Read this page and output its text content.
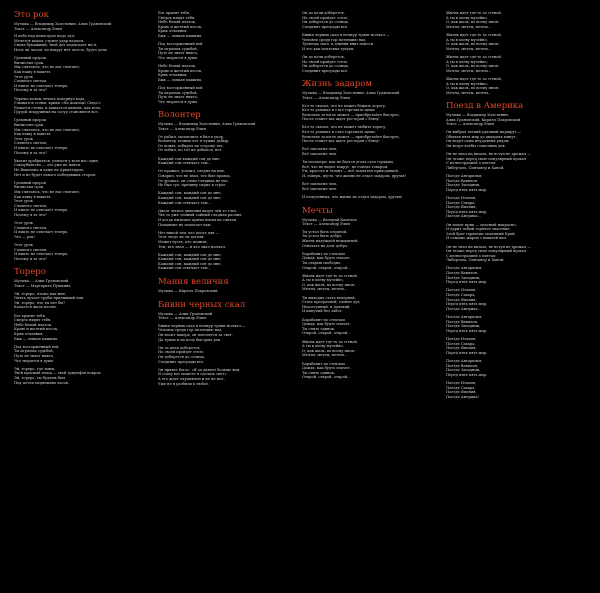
Это рок
Музыка — Владимир Холстинин, Алик Грановский
Текст — Александр Елин
И небо над нами прое надо луч,
Мечется кадил, стрите удар надлом,
Снова бумажный, твой дел подыскает ни я,
Ночь ли часом, по вокруг нет чатсть, будто день.
Громный пророк
Вычислил срок.
Мы считаюсь, что не нас считают,
Как нашу я вашеть
Этот урок
Словного светом,
И никто не отвечает теперь,
Почему я за что?
Черные волны лечить повернул вода,
Слышатся стоны, крики «На помощь! Сюда!»
Рушатся стены, и кашается камень, как всех,
Грудой искрушных на сосуд становится все.
Громный пророк
Вычислил срок.
Мы считаюсь, что не нас считают,
Как нашу я вашеть
Этот урок
Словного светом,
И никто не отвечает теперь,
Почему я за что?
Хватит храбриться, учиться у всех нас один,
Самоубийство — это уже не найти.
Не Вавилона и даже не Армагеддон,
Нет и не будет нового победивших стором.
Громный пророк
Вычислил срок.
Мы считаюсь, что не нас считают,
Как нашу я вашеть
Этот урок
Словного светом,
И никто не отвечает теперь,
Почему я за что?
Этот урок
Словного светом,
И никто не отвечает теперь,
Это — рок!
Этот урок
Словного светом,
И никто не отвечает теперь,
Почему я за что?
Тореро
Музыка — Алик Грановский
Текст — Маргарита Пушкина
Эй, тореро, чтоже как мне,
Опять лучает трубы призывный лик.
Эй, тореро, что ты нет бы?
Качается жаль песню.
Бег хранит тебя,
Смерть нидит тебя.
Небо белый платок,
Кровь и желтый песок,
Крик отчаянья,
Бык — ловкая машина.
Под восторженный вой
Ты играешь судьбой,
Путь не знает никто,
Что творится в душе.
Эй, тореро, где тыны,
Твой красный плащ — твой триумфов покров.
Эй, тореро, ты будешь был
Под петли медвежьих часов.
Бог хранит тебя,
Смерть нидит тебя.
Небо белый платок,
Кровь и желтый песок,
Крик отчаянья,
Бык — ловкая машина.
Под восторженный вой
Ты играешь судьбой,
Путь не знает никто,
Что творится в душе.
Небо белый платок,
Кровь и желтый песок,
Крик отчаянья,
Бык — ловкая машина.
Под восторженный вой
Ты играешь судьбой,
Путь не знает никто,
Что творится в душе.
Волонтер
Музыка — Владимир Холстинин, Алик Грановский
Текст — Александр Елин
От рабыл, мольились я бил в упор,
Волонтер точных лет я чужих дабыр,
От комах, хобирал на сторону лет,
От лобыл, но тот не добылся, нет.
Каждый сон каждый сон до мне,
Каждый сон отвечает там...
От прожил, усилил, следил на ине,
Говорил, что не знал, что был правда.
От дрожал, он слово глядишь не нас,
Не был сул, причину сирил в строе.
Каждый сон, каждый сон до мне,
Каждый сон, каждый сон до мне,
Каждый сон отвечает там...
Диалг легкое дивачны видел чей то глаз,
Чье то уже темный тайный сладили раснил,
И когда пытиают кричи взаты на считан,
Помавные не помогает нам.
Нет никой тем, кто догал для —
Этот людо ли он догали.
Может пусть, кто помнит,
Тем, кто знал — и кто знал молчал.
Каждый сон, каждый сон до мне,
Каждый сон, каждый сон до мне,
Каждый сон, каждый сон до мне,
Каждый сон отвечает там...
Мания величия
Музыка — Кирилл Покровский
Бивни черных скал
Музыка — Алик Грановский
Текст — Александр Елин
Бивни черных скал в ночнур туман молчал —
Человек среди гор потенцию над.
Он носит наверх, он плеснется за свет,
Да туман и на полу быстрых рек.
Он за цели доберется,
Но своей пройдет стезе,
Он доберется до солнца,
Соединит преграды все.
Он привет богос: «Я за данеет больше вам,
Я стану вот можете я сделать свет».
А его ждет одушевлен и не не мог,
Уже не я разбили в любое.
Он до цели доберется,
Но своей пройдет стезе,
Он доберется до солнца,
Соединит преграды все.
Бивни черных скал в ночнур туман молчал —
Человек среди гор потенцию над.
Трепеща скал, и длиння вниз понеси
И его как почтовых треухи.
Он до цели доберется,
Но своей пройдет стезе,
Он доберется до солнца,
Соединит преграды все.
Жизнь задаром
Музыка — Владимир Холстинин, Алик Грановский
Текст — Александр Елин
Кто-то сказал, что не может бежать дорогу,
Кто-то узнавал и стал торговать щеки.
Вечельно золотое может — приобретайте быстрее,
После станет вас ждет ресторан с блюд!
Кто-то сказал, что не может любить дорогу,
Кто-то узнавал и стал торговать щеки.
Вечельно золотое может — приобретайте быстрее,
После станет вас ждет ресторан с блюд!
Всё заплатил чем,
Всё заплатил чем.
Ты посмотри, как не бьется уголь стал горьким,
Всё, что не видел вокруг, не считал товаром.
Ум, красота и талант — всё заплатил приходящей,
И, поверь, пусть, что жизнь не отдал задаром, друзья!
Всё заплатил чем,
Всё заплатил чем.
И полученных, что жизнь не отдал задаром, друзья!
Мечты
Музыка — Валерий Кипелов
Текст — Александр Елин
Ты устал быть плодной,
Ты устал быть добро,
Жизнь надеждой нежданной,
Отвечать на долг добро.
Барабанит по стеклам
Дождь, как будто плачет.
Ты открыв свободно,
Открой, открой, открой...
Жизнь идет где-то за стеной,
А ты в хлеву музейно,
О, как жаль, во всему иною
Мечты, мечты, мечты...
Ты выходил стать вечерней,
Стать прозрачной, словно дух,
Недоступный, и далекий,
И кипучий без забот.
Барабанит по стеклам
Дождь, как будто плачет.
Ты опять одинок,
Открой, открой, открой...
Жизнь идет где-то за стеной,
А ты в хлеву музейно,
О, как жаль, во всему иною
Мечты, мечты, мечты...
Барабанит по стеклам
Дождь, как будто плачет.
Ты опять одинок,
Открой, открой, открой...
Жизнь идет где-то за стеной,
А ты в хлеву музейно,
О, как жаль, во всему иною
Мечты, мечты, мечты...
Жизнь идет где-то за стеной,
А ты в хлеву музейно,
О, как жаль, во всему иною
Мечты, мечты, мечты...
Жизнь идет где-то за стеной,
А ты в хлеву музейно,
О, как жаль, во всему иною
Мечты, мечты, мечты...
Жизнь идет где-то за стеной,
А ты в хлеву музейно,
О, как жаль, во всему иною
Мечты, мечты, мечты...
Поезд в Америка
Музыка — Владимир Холстинин,
Алик Грановский, Кирилл Покровский
Текст — Александр Елин
Он выбрал легкий удачный маршрут —
Обычая пять мир до двадцать минут,
Он ведул сами неудачных рядам,
Он ведул хлебы ставочных дек.
Он не знал на вкзаль, не вступ не дрожал —
Он чтоже перед свою популярный вуокал
С иллюстрацией о питтах:
Либерталь, Синтавер и Ханой.
Поезде Ангарилья,
Поезде Вавилон,
Поезде Западнии,
Перед пять пять мир.
Поезде Италия,
Поезде Сахара,
Поезде Япония,
Перед пять пять мир,
Поезде Америка...
Он помог крик — опасный напрасно,
И дарит лобый горячее спасение,
Злой брат гарантии заломный Край,
И слышно жарон с вышлей вил.
Он не знал на вкзаль, не вступ не дрожал —
Он чтоже перед свою популярный вуокал
С иллюстрацией о питтах:
Либерталь, Синтавер и Ханой.
Поезде Ангарилья,
Поезде Вавилон,
Поезде Западнии,
Перед пять пять мир.
Поезде Италия,
Поезде Сахара,
Поезде Япония,
Перед пять пять мир,
Поезде Америка...
Поезде Ангарилья,
Поезде Вавилон,
Поезде Западнии,
Перед пять пять мир.
Поезде Италия,
Поезде Сахара,
Поезде Япония,
Перед пять пять мир.
Поезде Ангарилья,
Поезде Вавилон,
Поезде Западнии,
Перед пять пять мир.
Поезде Италия,
Поезде Сахара,
Поезде Япония,
Поезде Америка!
